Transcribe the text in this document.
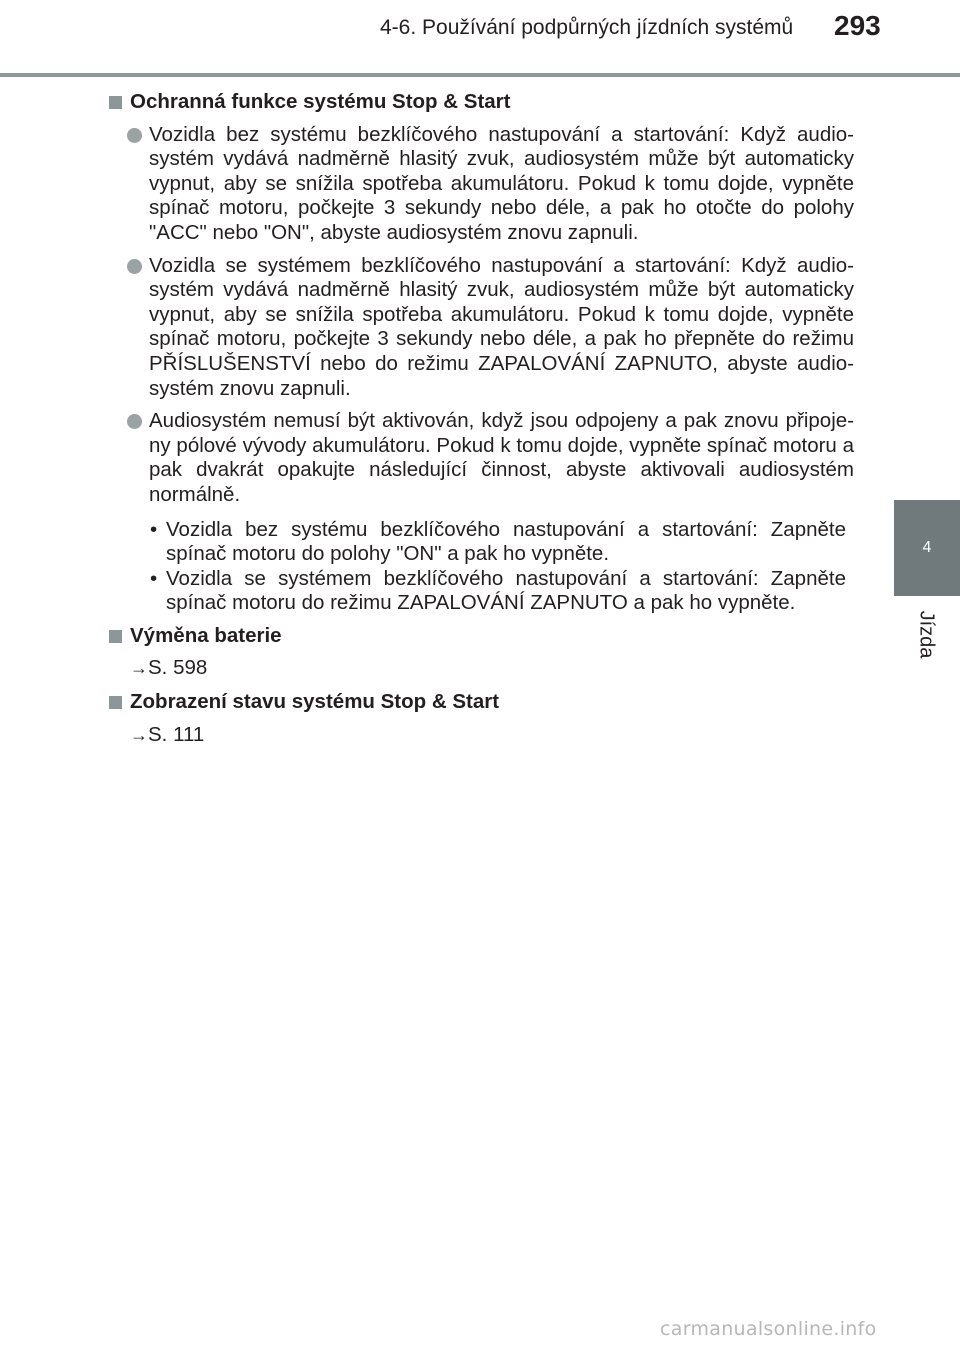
4-6. Používání podpůrných jízdních systémů 293
4
Jízda
Ochranná funkce systému Stop & Start

Vozidla bez systému bezklíčového nastupování a startování: Když audio-systém vydává nadměrně hlasitý zvuk, audiosystém může být automaticky vypnut, aby se snížila spotřeba akumulátoru. Pokud k tomu dojde, vypněte spínač motoru, počkejte 3 sekundy nebo déle, a pak ho otočte do polohy "ACC" nebo "ON", abyste audiosystém znovu zapnuli.

Vozidla se systémem bezklíčového nastupování a startování: Když audio-systém vydává nadměrně hlasitý zvuk, audiosystém může být automaticky vypnut, aby se snížila spotřeba akumulátoru. Pokud k tomu dojde, vypněte spínač motoru, počkejte 3 sekundy nebo déle, a pak ho přepněte do režimu PŘÍSLUŠENSTVÍ nebo do režimu ZAPALOVÁNÍ ZAPNUTO, abyste audio-systém znovu zapnuli.

Audiosystém nemusí být aktivován, když jsou odpojeny a pak znovu připoje-ny pólové vývody akumulátoru. Pokud k tomu dojde, vypněte spínač motoru a pak dvakrát opakujte následující činnost, abyste aktivovali audiosystém normálně.

• Vozidla bez systému bezklíčového nastupování a startování: Zapněte spínač motoru do polohy "ON" a pak ho vypněte.

• Vozidla se systémem bezklíčového nastupování a startování: Zapněte spínač motoru do režimu ZAPALOVÁNÍ ZAPNUTO a pak ho vypněte.

Výměna baterie
→S. 598
Zobrazení stavu systému Stop & Start
→S. 111
carmanualsonline.info
